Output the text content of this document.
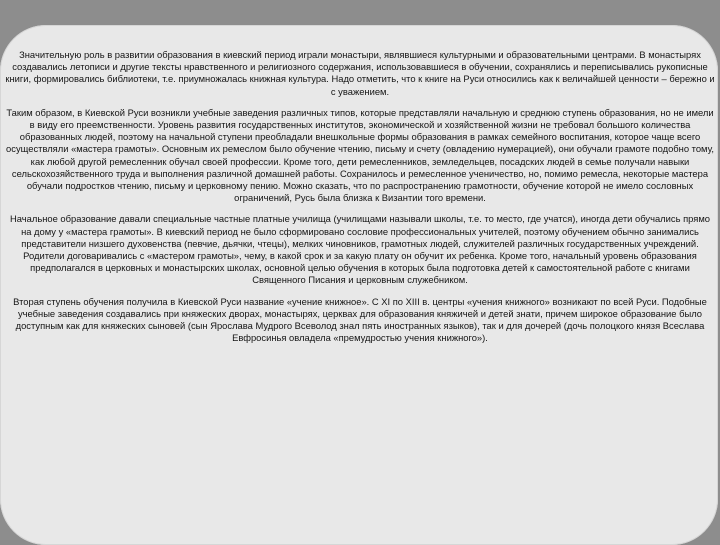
Значительную роль в развитии образования в киевский период играли монастыри, являвшиеся культурными и образовательными центрами. В монастырях создавались летописи и другие тексты нравственного и религиозного содержания, использовавшиеся в обучении, сохранялись и переписывались рукописные книги, формировались библиотеки, т.е. приумножалась книжная культура. Надо отметить, что к книге на Руси относились как к величайшей ценности – бережно и с уважением.

Таким образом, в Киевской Руси возникли учебные заведения различных типов, которые представляли начальную и среднюю ступень образования, но не имели в виду его преемственности. Уровень развития государственных институтов, экономической и хозяйственной жизни не требовал большого количества образованных людей, поэтому на начальной ступени преобладали внешкольные формы образования в рамках семейного воспитания, которое чаще всего осуществляли «мастера грамоты». Основным их ремеслом было обучение чтению, письму и счету (овладению нумерацией), они обучали грамоте подобно тому, как любой другой ремесленник обучал своей профессии. Кроме того, дети ремесленников, земледельцев, посадских людей в семье получали навыки сельскохозяйственного труда и выполнения различной домашней работы. Сохранилось и ремесленное ученичество, но, помимо ремесла, некоторые мастера обучали подростков чтению, письму и церковному пению. Можно сказать, что по распространению грамотности, обучение которой не имело сословных ограничений, Русь была близка к Византии того времени.

Начальное образование давали специальные частные платные училища (училищами называли школы, т.е. то место, где учатся), иногда дети обучались прямо на дому у «мастера грамоты». В киевский период не было сформировано сословие профессиональных учителей, поэтому обучением обычно занимались представители низшего духовенства (певчие, дьячки, чтецы), мелких чиновников, грамотных людей, служителей различных государственных учреждений. Родители договаривались с «мастером грамоты», чему, в какой срок и за какую плату он обучит их ребенка. Кроме того, начальный уровень образования предполагался в церковных и монастырских школах, основной целью обучения в которых была подготовка детей к самостоятельной работе с книгами Священного Писания и церковным служебником.

Вторая ступень обучения получила в Киевской Руси название «учение книжное». С XI по XIII в. центры «учения книжного» возникают по всей Руси. Подобные учебные заведения создавались при княжеских дворах, монастырях, церквах для образования княжичей и детей знати, причем широкое образование было доступным как для княжеских сыновей (сын Ярослава Мудрого Всеволод знал пять иностранных языков), так и для дочерей (дочь полоцкого князя Всеслава Евфросинья овладела «премудростью учения книжного»).
